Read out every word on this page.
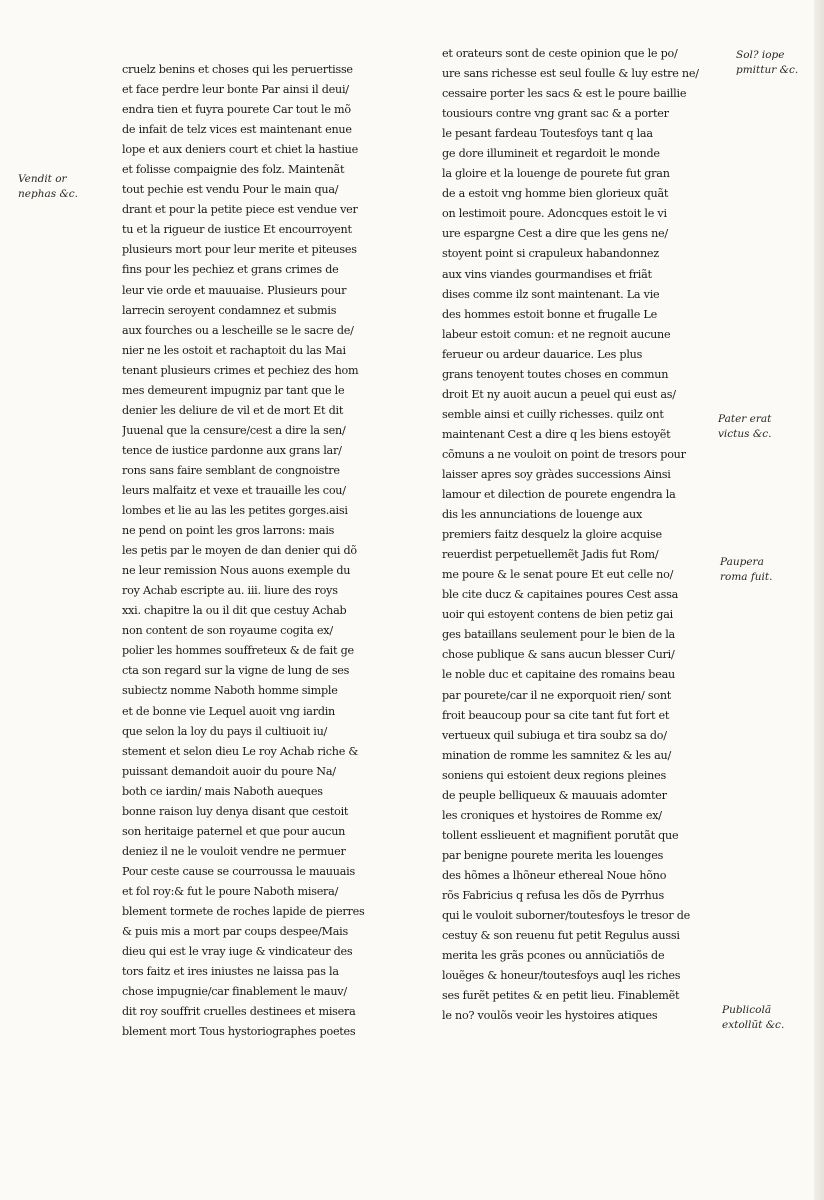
cruelz benins et choses qui les peruertisse
et face perdre leur bonte Par ainsi il deui/
endra tien et fuyra pourete Car tout le mõ
de infait de telz vices est maintenant enue
lope et aux deniers court et chiet la hastiue
et folisse compaignie des folz. Maintenãt
tout pechie est vendu Pour le main qua/
drant et pour la petite piece est vendue ver
tu et la rigueur de iustice Et encourroyent
plusieurs mort pour leur merite et piteuses
fins pour les pechiez et grans crimes de
leur vie orde et mauuaise. Plusieurs pour
larrecin seroyent condamnez et submis
aux fourches ou a lescheille se le sacre de/
nier ne les ostoit et rachaptoit du las Mai
tenant plusieurs crimes et pechiez des hom
mes demeurent impugniz par tant que le
denier les deliure de vil et de mort Et dit
Juuenal que la censure/cest a dire la sen/
tence de iustice pardonne aux grans lar/
rons sans faire semblant de congnoistre
leurs malfaitz et vexe et trauaille les cou/
lombes et lie au las les petites gorges.aisi
ne pend on point les gros larrons: mais
les petis par le moyen de dan denier qui dõ
ne leur remission Nous auons exemple du
roy Achab escripte au. iii. liure des roys
xxi. chapitre la ou il dit que cestuy Achab
non content de son royaume cogita ex/
polier les hommes souffreteux & de fait ge
cta son regard sur la vigne de lung de ses
subiectz nomme Naboth homme simple
et de bonne vie Lequel auoit vng iardin
que selon la loy du pays il cultiuoit iu/
stement et selon dieu Le roy Achab riche &
puissant demandoit auoir du poure Na/
both ce iardin/ mais Naboth aueques
bonne raison luy denya disant que cestoit
son heritaige paternel et que pour aucun
deniez il ne le vouloit vendre ne permuer
Pour ceste cause se courroussa le mauuais
et fol roy:& fut le poure Naboth misera/
blement tormete de roches lapide de pierres
& puis mis a mort par coups despee/Mais
dieu qui est le vray iuge & vindicateur des
tors faitz et ires iniustes ne laissa pas la
chose impugnie/car finablement le mauv/
dit roy souffrit cruelles destinees et misera
blement mort Tous hystoriographes poetes
et orateurs sont de ceste opinion que le po/
ure sans richesse est seul foulle & luy estre ne/
cessaire porter les sacs & est le poure baillie
tousiours contre vng grant sac & a porter
le pesant fardeau Toutesfoys tant q laa
ge dore illumineit et regardoit le monde
la gloire et la louenge de pourete fut gran
de a estoit vng homme bien glorieux quãt
on lestimoit poure. Adoncques estoit le vi
ure espargne Cest a dire que les gens ne/
stoyent point si crapuleux habandonnez
aux vins viandes gourmandises et friãt
dises comme ilz sont maintenant. La vie
des hommes estoit bonne et frugalle Le
labeur estoit comun: et ne regnoit aucune
ferueur ou ardeur dauarice. Les plus
grans tenoyent toutes choses en commun
droit Et ny auoit aucun a peuel qui eust as/
semble ainsi et cuilly richesses. quilz ont
maintenant Cest a dire q les biens estoyẽt
cõmuns a ne vouloit on point de tresors pour
laisser apres soy gràdes successions Ainsi
lamour et dilection de pourete engendra la
dis les annunciations de louenge aux
premiers faitz desquelz la gloire acquise
reuerdist perpetuellemẽt Jadis fut Rom/
me poure & le senat poure Et eut celle no/
ble cite ducz & capitaines poures Cest assa
uoir qui estoyent contens de bien petiz gai
ges bataillans seulement pour le bien de la
chose publique & sans aucun blesser Curi/
le noble duc et capitaine des romains beau
par pourete/car il ne exporquoit rien/ sont
froit beaucoup pour sa cite tant fut fort et
vertueux quil subiuga et tira soubz sa do/
mination de romme les samnitez & les au/
soniens qui estoient deux regions pleines
de peuple belliqueux & mauuais adomter
les croniques et hystoires de Romme ex/
tollent esslieuent et magnifient porutãt que
par benigne pourete merita les louenges
des hõmes a lhõneur ethereal Noue hõno
rõs Fabricius q refusa les dõs de Pyrrhus
qui le vouloit suborner/toutesfoys le tresor de
cestuy & son reuenu fut petit Regulus aussi
merita les grãs pcones ou annũciatiõs de
louẽges & honeur/toutesfoys auql les riches
ses furẽt petites & en petit lieu. Finablemẽt
le no? voulõs veoir les hystoires atiques
Vendit or
nephas &c.
Sol? iope
pmittur &c.
Pater erat
victus &c.
Paupera
roma fuit.
Publicolã
extollũt &c.
